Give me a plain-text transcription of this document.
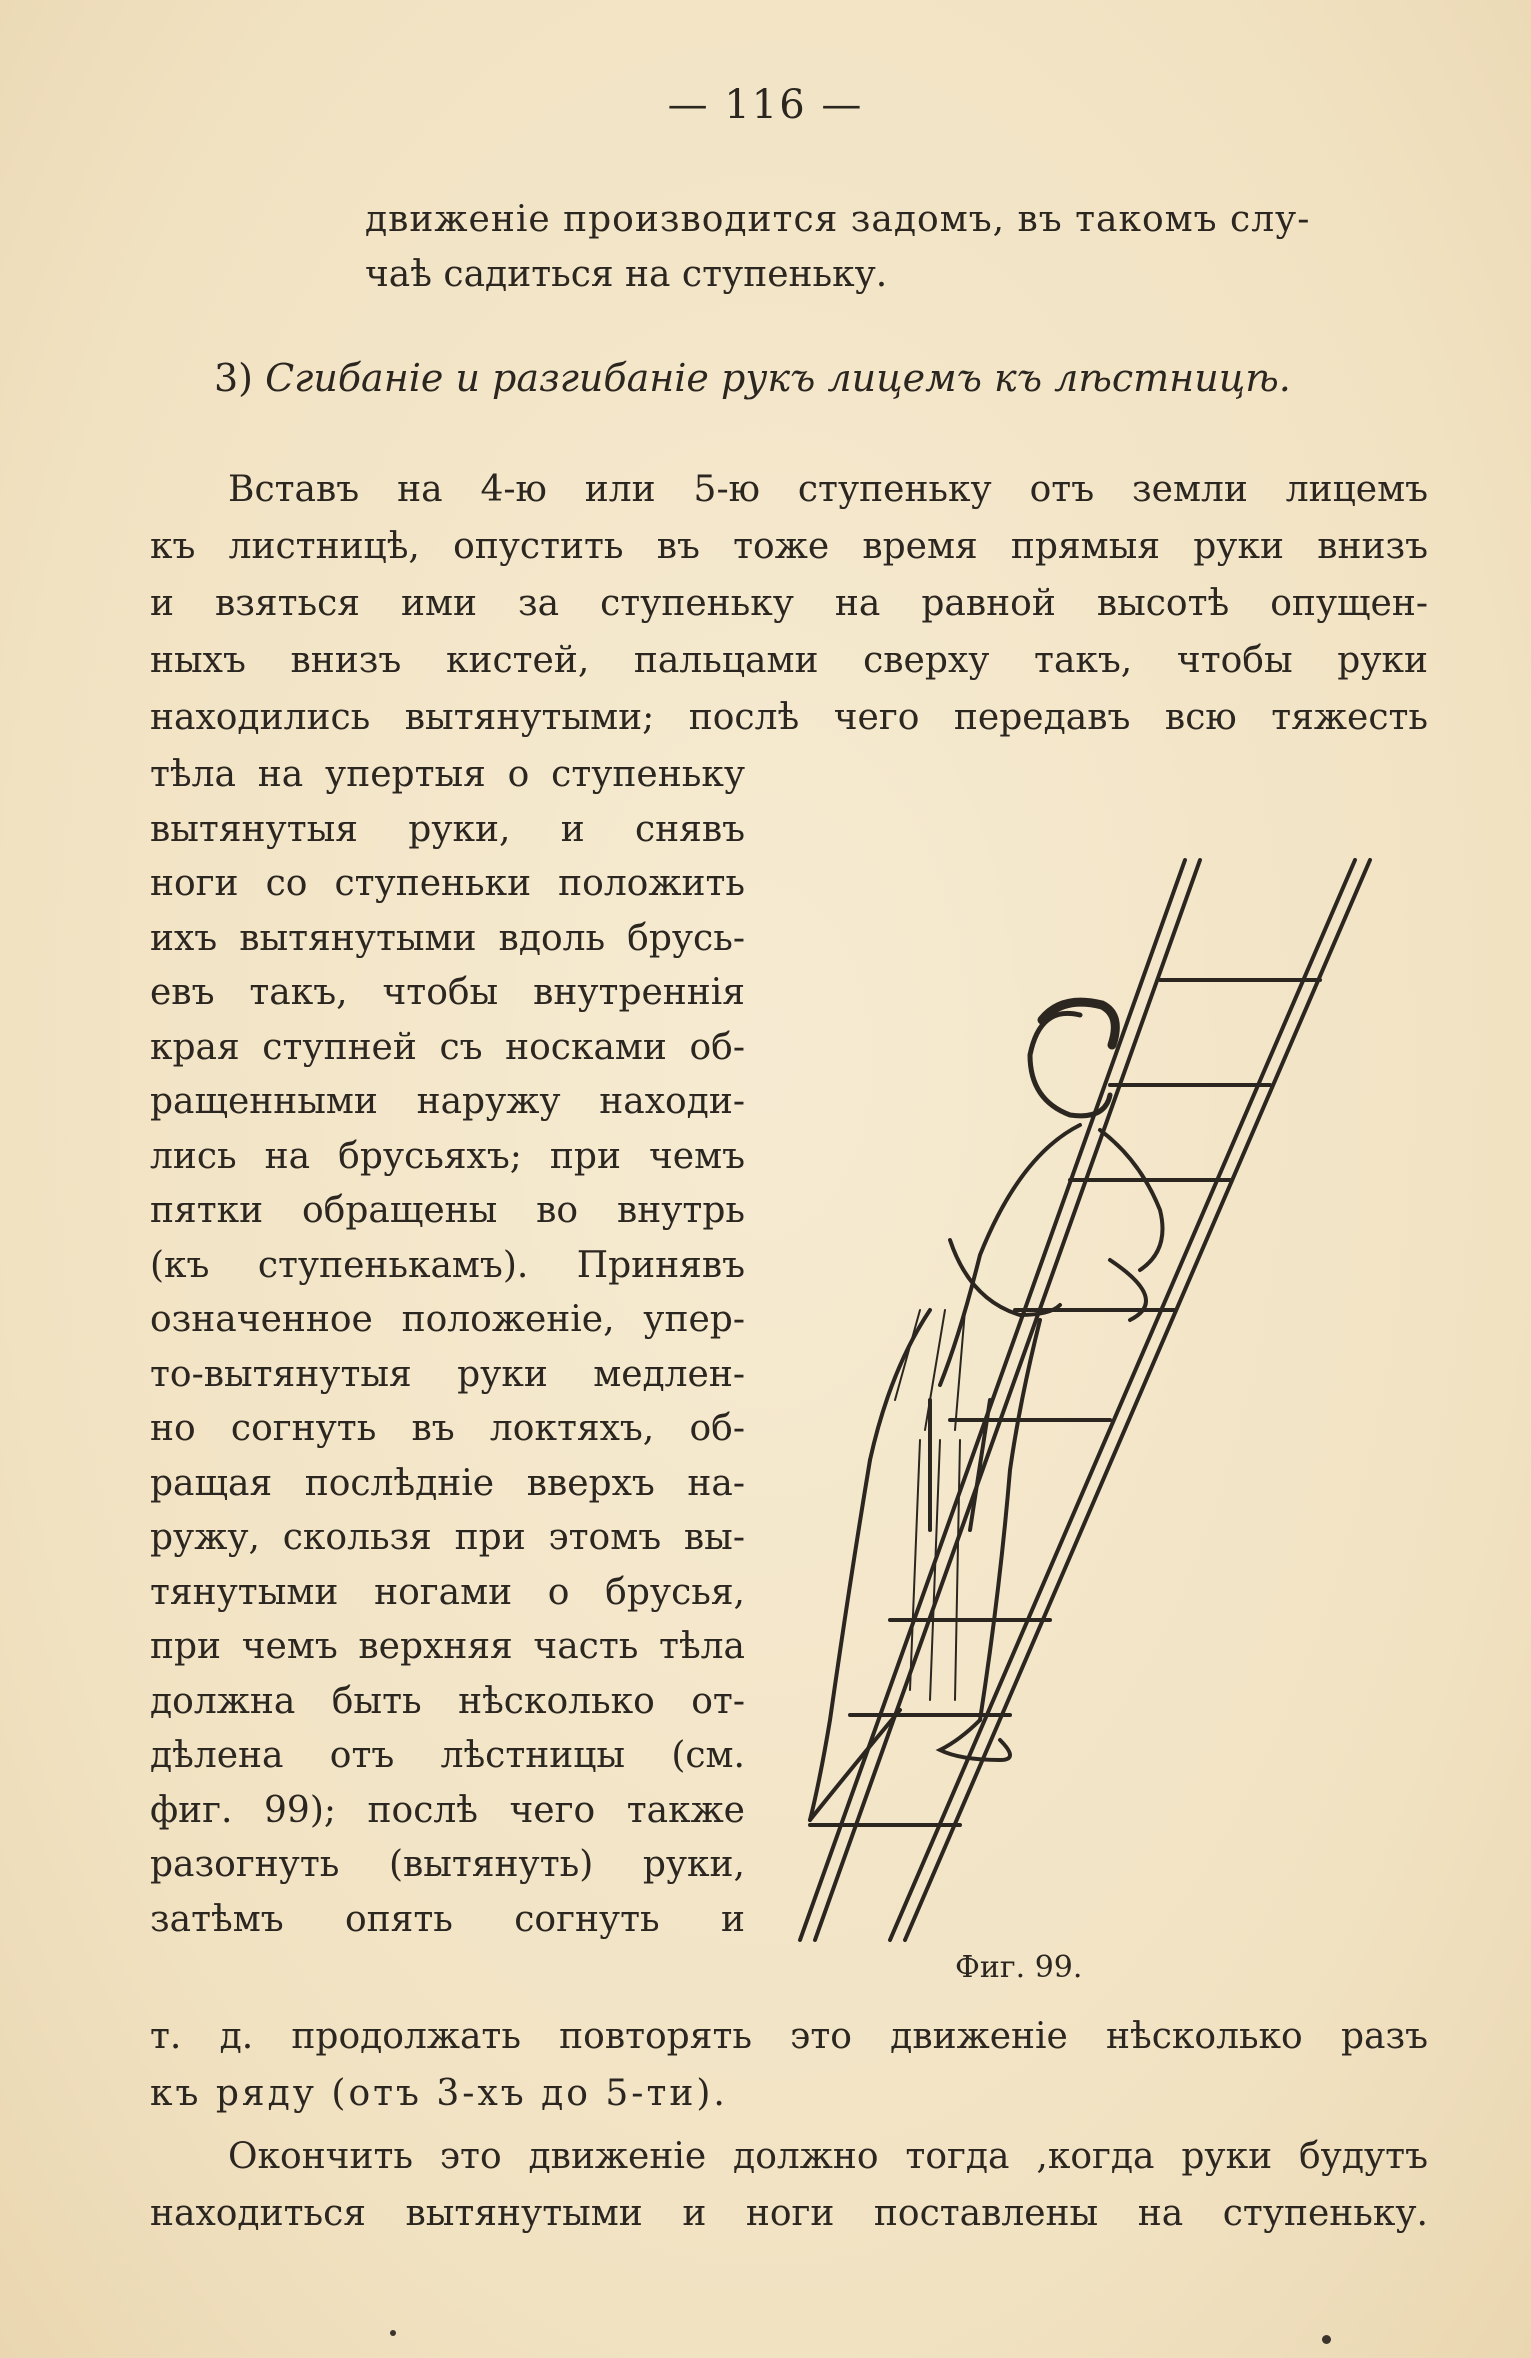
— 116 —
движеніе производится задомъ, въ такомъ слу-
чаѣ садиться на ступеньку.
3) Сгибаніе и разгибаніе рукъ лицемъ къ лѣстницѣ.
Вставъ на 4-ю или 5-ю ступеньку отъ земли лицемъ
къ листницѣ, опустить въ тоже время прямыя руки внизъ
и взяться ими за ступеньку на равной высотѣ опущен-
ныхъ внизъ кистей, пальцами сверху такъ, чтобы руки
находились вытянутыми; послѣ чего передавъ всю тяжесть
тѣла на упертыя о ступеньку
вытянутыя руки, и снявъ
ноги со ступеньки положить
ихъ вытянутыми вдоль брусь-
евъ такъ, чтобы внутреннія
края ступней съ носками об-
ращенными наружу находи-
лись на брусьяхъ; при чемъ
пятки обращены во внутрь
(къ ступенькамъ). Принявъ
означенное положеніе, упер-
то-вытянутыя руки медлен-
но согнуть въ локтяхъ, об-
ращая послѣдніе вверхъ на-
ружу, скользя при этомъ вы-
тянутыми ногами о брусья,
при чемъ верхняя часть тѣла
должна быть нѣсколько от-
дѣлена отъ лѣстницы (см.
фиг. 99); послѣ чего также
разогнуть (вытянуть) руки,
затѣмъ опять согнуть и
Фиг. 99.
т. д. продолжать повторять это движеніе нѣсколько разъ
къ ряду (отъ 3-хъ до 5-ти).
Окончить это движеніе должно тогда ,когда руки будутъ
находиться вытянутыми и ноги поставлены на ступеньку.
